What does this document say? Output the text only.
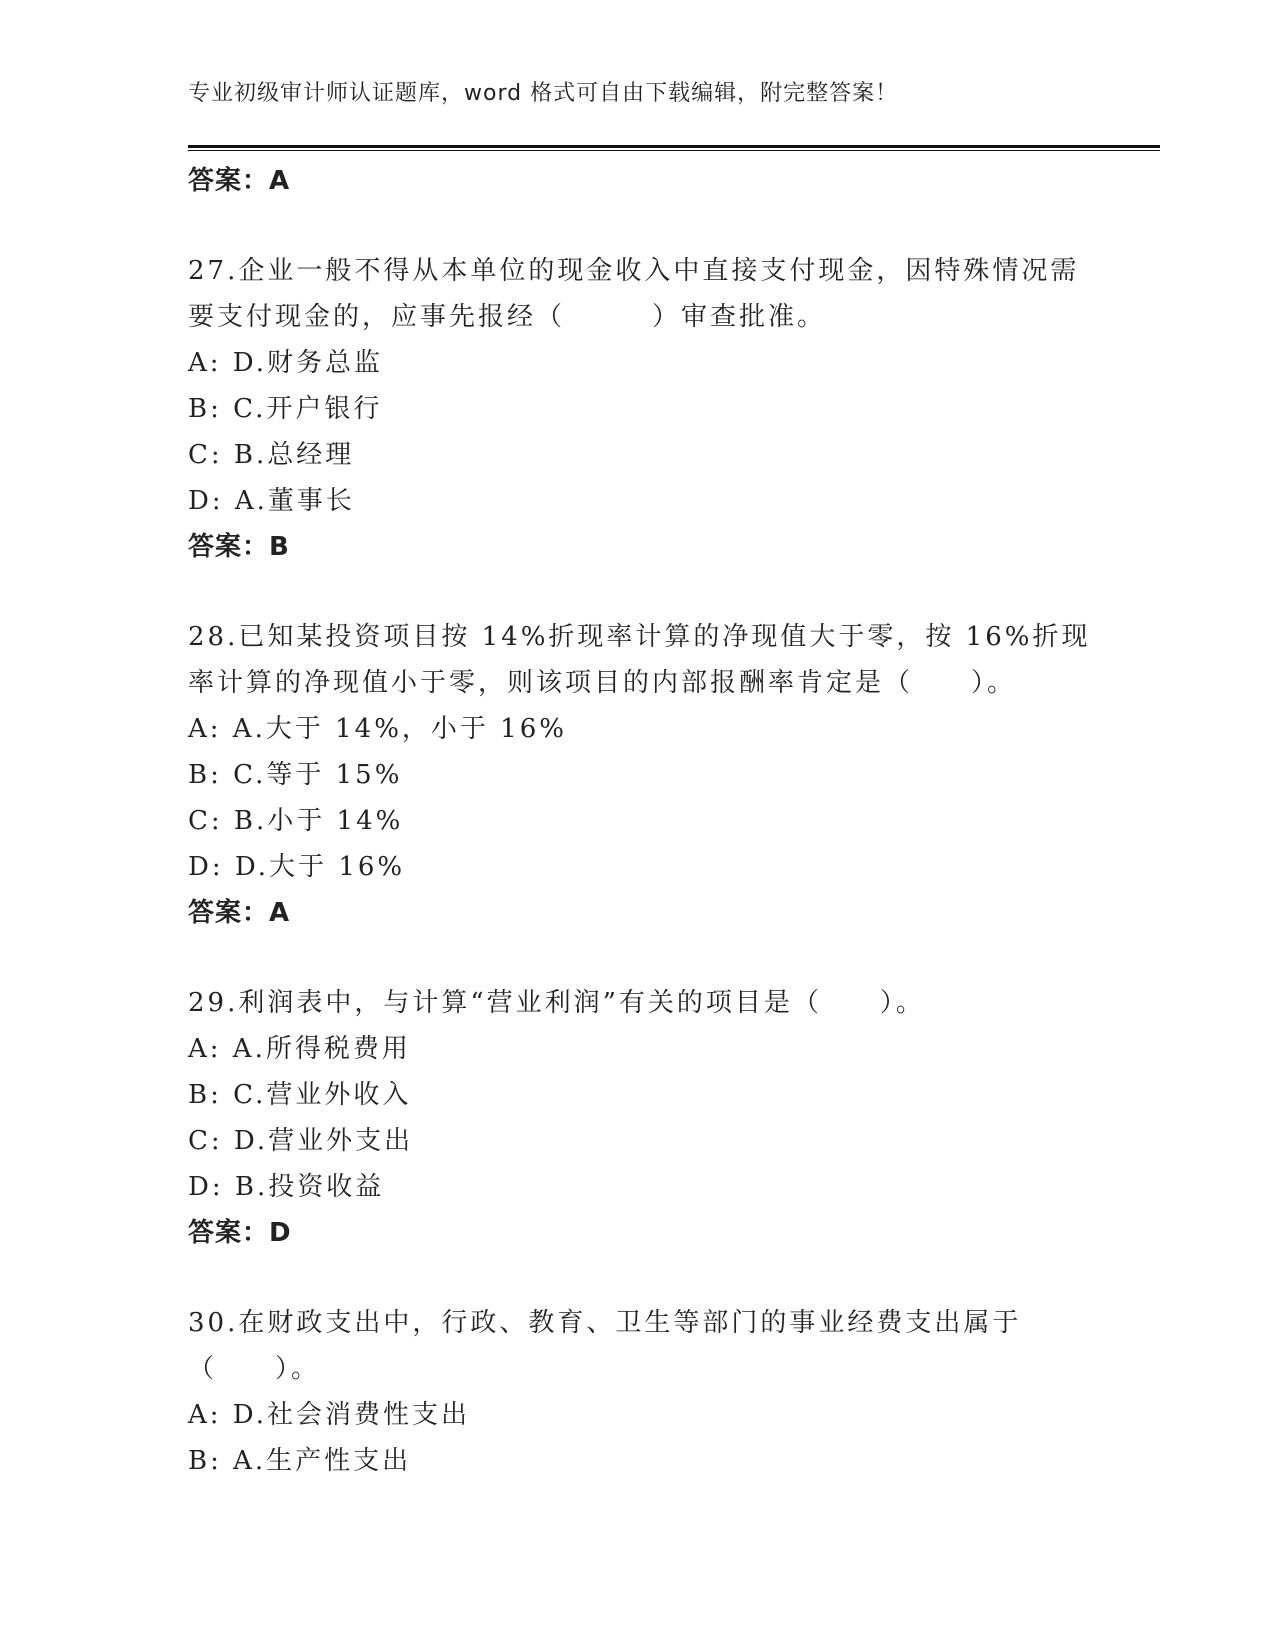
专业初级审计师认证题库，word 格式可自由下载编辑，附完整答案！
答案：A
27.企业一般不得从本单位的现金收入中直接支付现金，因特殊情况需要支付现金的，应事先报经（　　　）审查批准。
A: D.财务总监
B: C.开户银行
C: B.总经理
D: A.董事长
答案：B
28.已知某投资项目按 14%折现率计算的净现值大于零，按 16%折现率计算的净现值小于零，则该项目的内部报酬率肯定是（　　）。
A: A.大于 14%，小于 16%
B: C.等于 15%
C: B.小于 14%
D: D.大于 16%
答案：A
29.利润表中，与计算“营业利润”有关的项目是（　　）。
A: A.所得税费用
B: C.营业外收入
C: D.营业外支出
D: B.投资收益
答案：D
30.在财政支出中，行政、教育、卫生等部门的事业经费支出属于（　　）。
A: D.社会消费性支出
B: A.生产性支出
